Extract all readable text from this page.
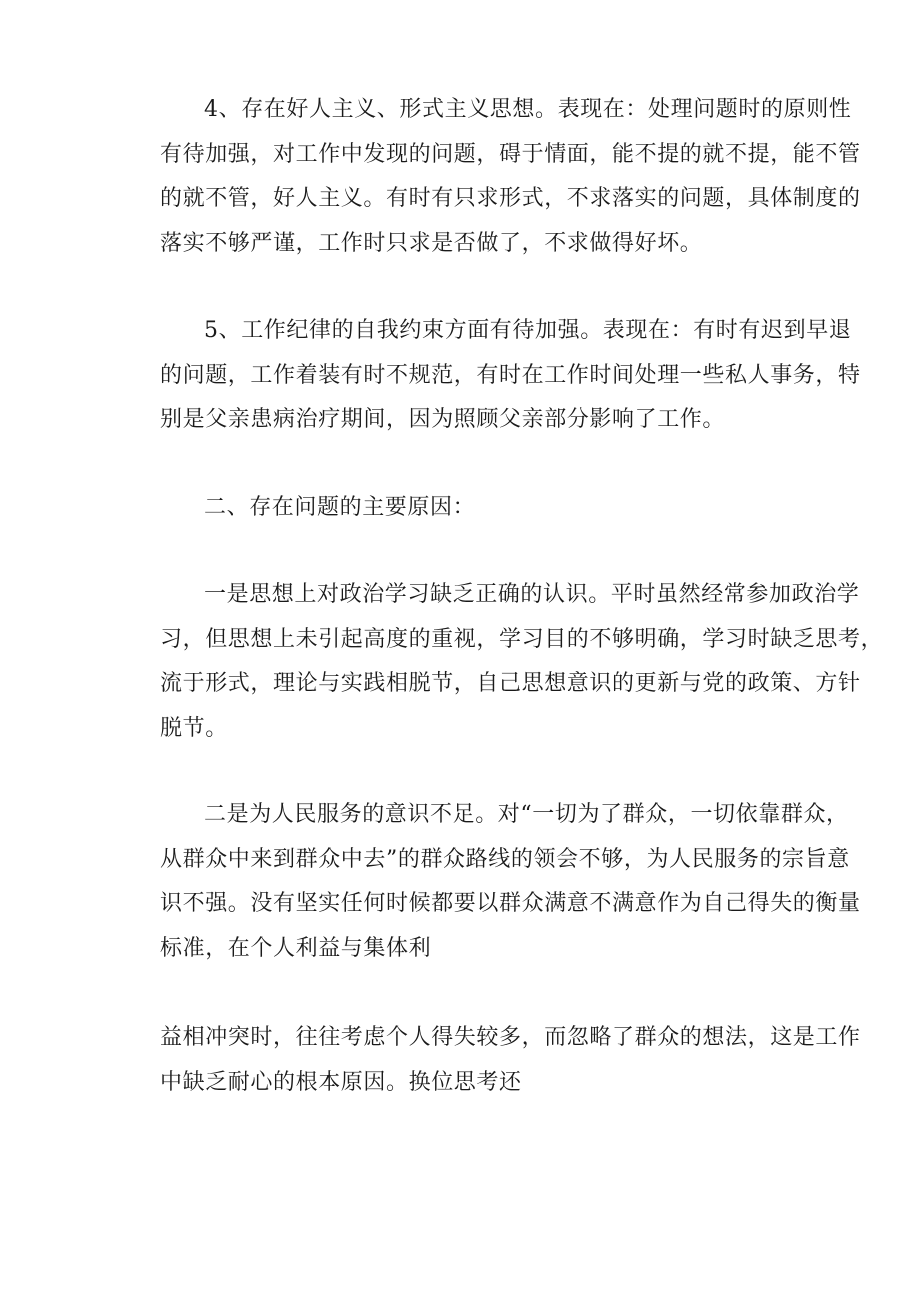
4、存在好人主义、形式主义思想。表现在：处理问题时的原则性
有待加强，对工作中发现的问题，碍于情面，能不提的就不提，能不管
的就不管，好人主义。有时有只求形式，不求落实的问题，具体制度的
落实不够严谨，工作时只求是否做了，不求做得好坏。

5、工作纪律的自我约束方面有待加强。表现在：有时有迟到早退
的问题，工作着装有时不规范，有时在工作时间处理一些私人事务，特
别是父亲患病治疗期间，因为照顾父亲部分影响了工作。

二、存在问题的主要原因：

一是思想上对政治学习缺乏正确的认识。平时虽然经常参加政治学
习，但思想上未引起高度的重视，学习目的不够明确，学习时缺乏思考，
流于形式，理论与实践相脱节，自己思想意识的更新与党的政策、方针
脱节。

二是为人民服务的意识不足。对“一切为了群众，一切依靠群众，
从群众中来到群众中去”的群众路线的领会不够，为人民服务的宗旨意
识不强。没有坚实任何时候都要以群众满意不满意作为自己得失的衡量
标准，在个人利益与集体利

益相冲突时，往往考虑个人得失较多，而忽略了群众的想法，这是工作
中缺乏耐心的根本原因。换位思考还
